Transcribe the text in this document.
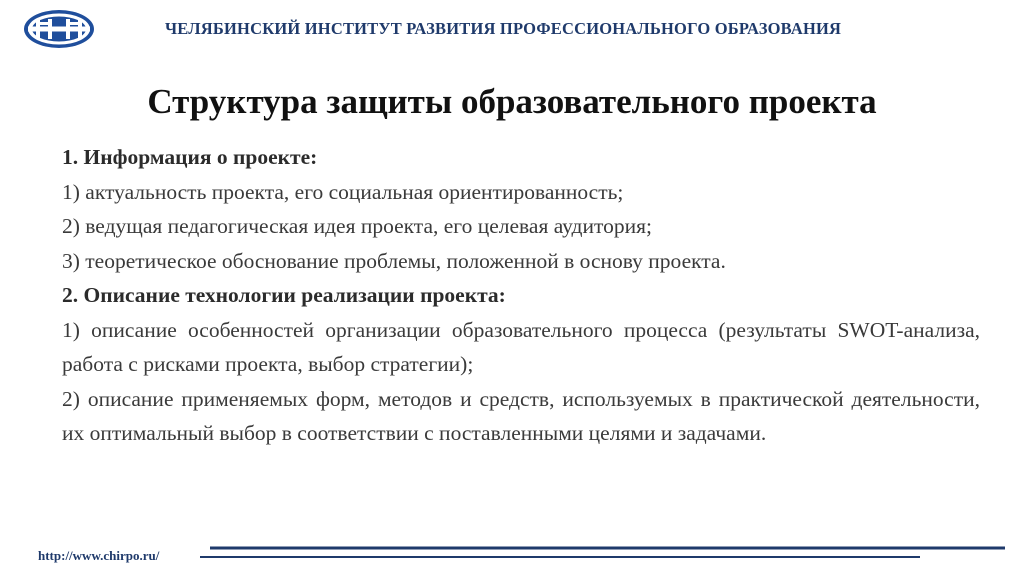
ЧЕЛЯБИНСКИЙ ИНСТИТУТ РАЗВИТИЯ ПРОФЕССИОНАЛЬНОГО ОБРАЗОВАНИЯ
Структура защиты образовательного проекта

1. Информация о проекте:

1) актуальность проекта, его социальная ориентированность;

2) ведущая педагогическая идея проекта, его целевая аудитория;

3) теоретическое обоснование проблемы, положенной в основу проекта.

2. Описание технологии реализации проекта:

1) описание особенностей организации образовательного процесса (результаты SWOT-анализа, работа с рисками проекта, выбор стратегии);

2) описание применяемых форм, методов и средств, используемых в практической деятельности, их оптимальный выбор в соответствии с поставленными целями и задачами.

http://www.chirpo.ru/
